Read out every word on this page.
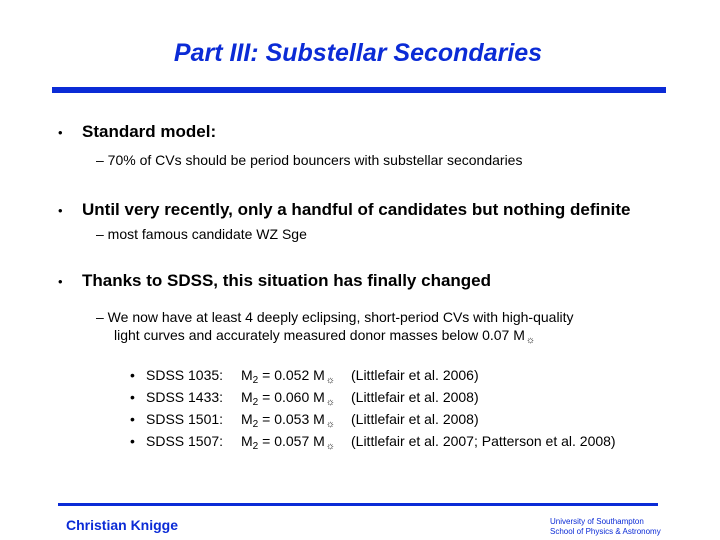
Part III: Substellar Secondaries
• Standard model:
– 70% of CVs should be period bouncers with substellar secondaries
• Until very recently, only a handful of candidates but nothing definite
– most famous candidate WZ Sge
• Thanks to SDSS, this situation has finally changed
– We now have at least 4 deeply eclipsing, short-period CVs with high-quality
light curves and accurately measured donor masses below 0.07 $M_☼$
• SDSS 1035: $M_2 = 0.052$ $M_☼$ (Littlefair et al. 2006)
• SDSS 1433: $M_2 = 0.060$ $M_☼$ (Littlefair et al. 2008)
• SDSS 1501: $M_2 = 0.053$ $M_☼$ (Littlefair et al. 2008)
• SDSS 1507: $M_2 = 0.057$ $M_☼$ (Littlefair et al. 2007; Patterson et al. 2008)
Christian Knigge	University of Southampton
School of Physics & Astronomy
